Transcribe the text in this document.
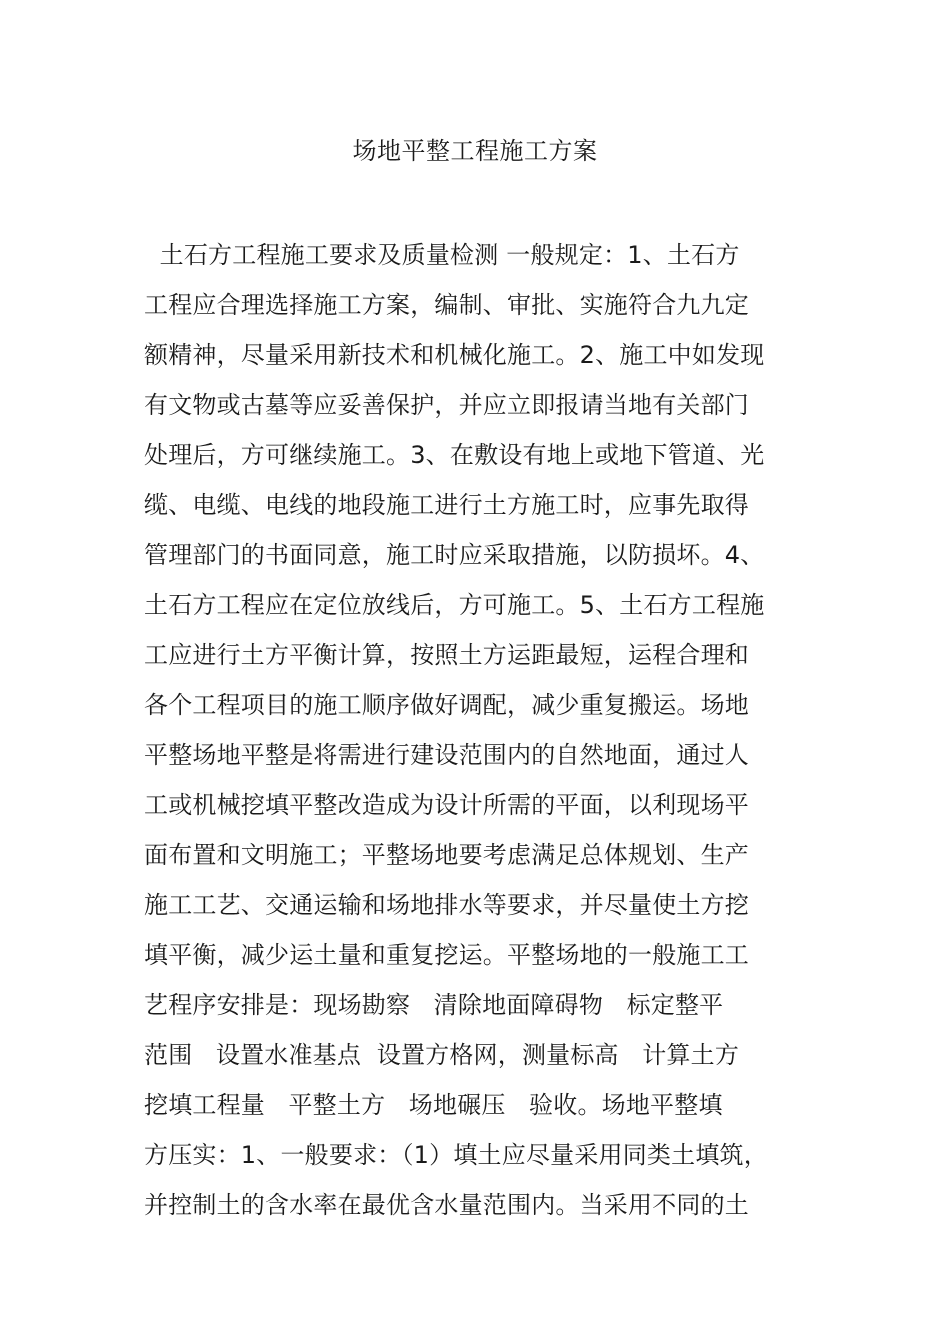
场地平整工程施工方案
土石方工程施工要求及质量检测 一般规定：1、土石方
工程应合理选择施工方案，编制、审批、实施符合九九定
额精神，尽量采用新技术和机械化施工。2、施工中如发现
有文物或古墓等应妥善保护，并应立即报请当地有关部门
处理后，方可继续施工。3、在敷设有地上或地下管道、光
缆、电缆、电线的地段施工进行土方施工时，应事先取得
管理部门的书面同意，施工时应采取措施，以防损坏。4、
土石方工程应在定位放线后，方可施工。5、土石方工程施
工应进行土方平衡计算，按照土方运距最短，运程合理和
各个工程项目的施工顺序做好调配，减少重复搬运。场地
平整场地平整是将需进行建设范围内的自然地面，通过人
工或机械挖填平整改造成为设计所需的平面，以利现场平
面布置和文明施工；平整场地要考虑满足总体规划、生产
施工工艺、交通运输和场地排水等要求，并尽量使土方挖
填平衡，减少运土量和重复挖运。平整场地的一般施工工
艺程序安排是：现场勘察   清除地面障碍物   标定整平
范围   设置水准基点  设置方格网，测量标高   计算土方
挖填工程量   平整土方   场地碾压   验收。场地平整填
方压实：1、一般要求：（1）填土应尽量采用同类土填筑，
并控制土的含水率在最优含水量范围内。当采用不同的土
